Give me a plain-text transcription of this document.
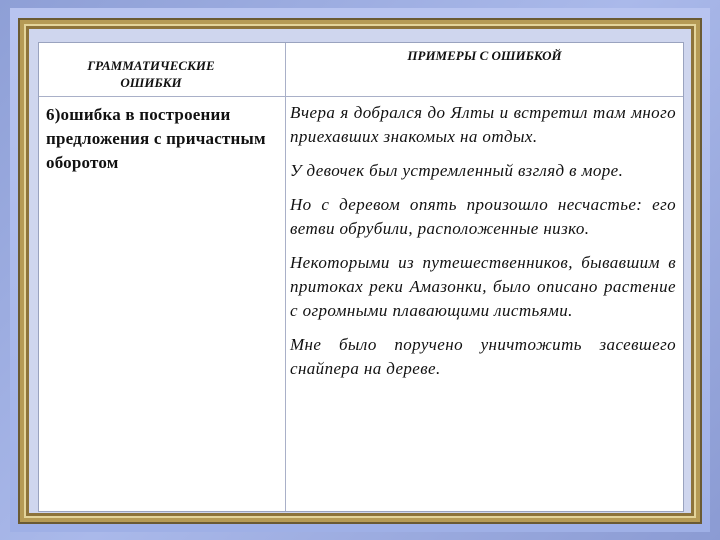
ГРАММАТИЧЕСКИЕ ОШИБКИ
ПРИМЕРЫ С ОШИБКОЙ
6)ошибка в построении предложения с причастным оборотом

Вчера я добрался до Ялты и встретил там много приехавших знакомых на отдых.

У девочек был устремленный взгляд в море.

Но с деревом опять произошло несчастье: его ветви обрубили, расположенные низко.

Некоторыми из путешественников, бывавшим в притоках реки Амазонки, было описано растение с огромными плавающими листьями.

Мне было поручено уничтожить засевшего снайпера на дереве.
